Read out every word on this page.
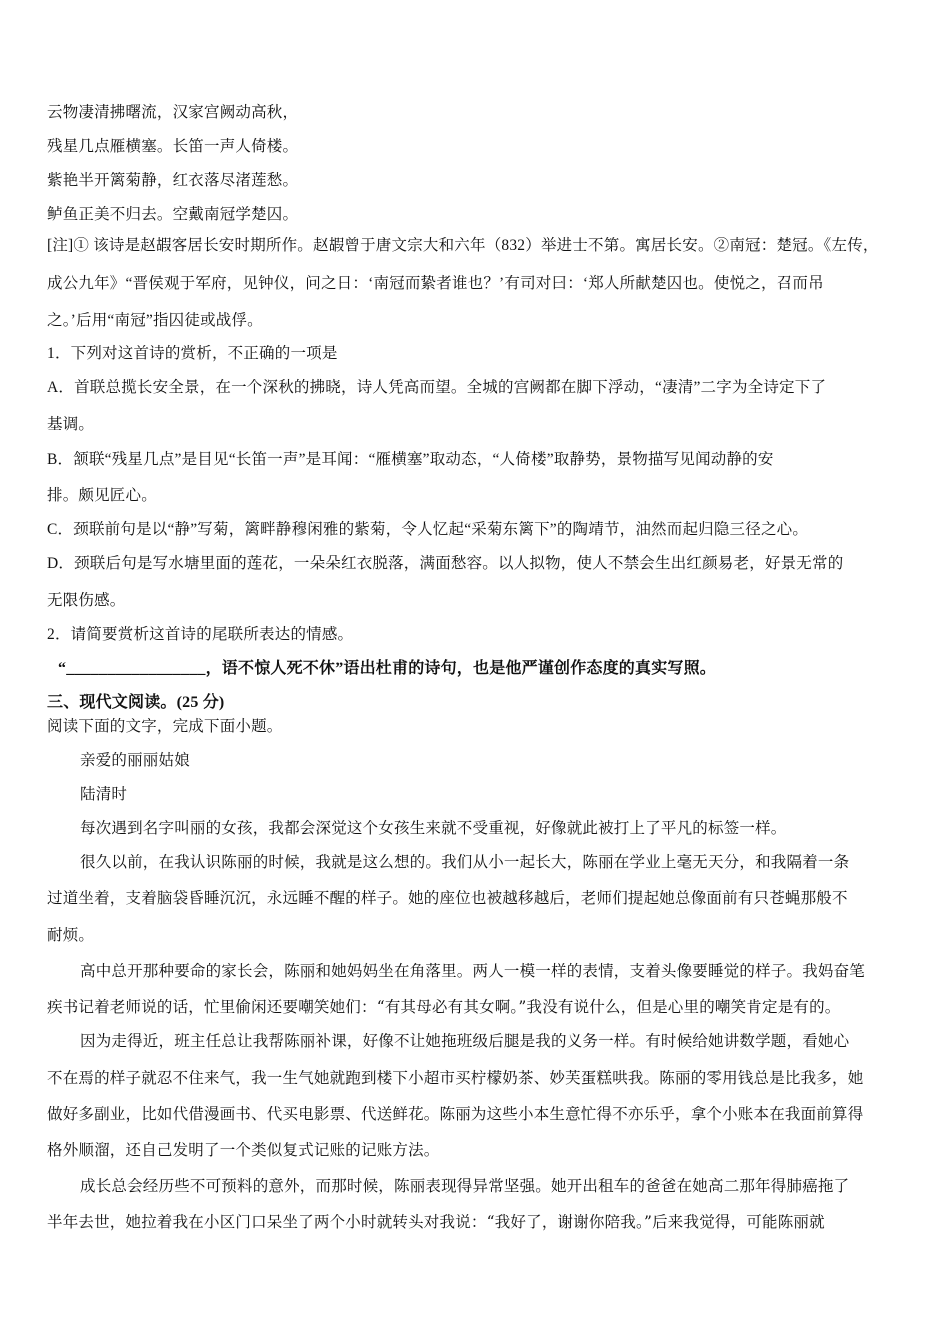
云物凄清拂曙流，汉家宫阙动高秋，
残星几点雁横塞。长笛一声人倚楼。
紫艳半开篱菊静，红衣落尽渚莲愁。
鲈鱼正美不归去。空戴南冠学楚囚。
[注]① 该诗是赵嘏客居长安时期所作。赵嘏曾于唐文宗大和六年（832）举进士不第。寓居长安。②南冠：楚冠。《左传，
成公九年》“晋侯观于军府，见钟仪，问之日：‘南冠而絷者谁也？’有司对曰：‘郑人所献楚囚也。使悦之，召而吊
之。’后用“南冠”指囚徒或战俘。
1．下列对这首诗的赏析，不正确的一项是
A．首联总揽长安全景，在一个深秋的拂晓，诗人凭高而望。全城的宫阙都在脚下浮动，“凄清”二字为全诗定下了
基调。
B．颔联“残星几点”是目见“长笛一声”是耳闻：“雁横塞”取动态，“人倚楼”取静势，景物描写见闻动静的安
排。颇见匠心。
C．颈联前句是以“静”写菊，篱畔静穆闲雅的紫菊，令人忆起“采菊东篱下”的陶靖节，油然而起归隐三径之心。
D．颈联后句是写水塘里面的莲花，一朵朵红衣脱落，满面愁容。以人拟物，使人不禁会生出红颜易老，好景无常的
无限伤感。
2．请简要赏析这首诗的尾联所表达的情感。
“_________________，语不惊人死不休”语出杜甫的诗句，也是他严谨创作态度的真实写照。
三、现代文阅读。(25 分)
阅读下面的文字，完成下面小题。
亲爱的丽丽姑娘
陆清时
每次遇到名字叫丽的女孩，我都会深觉这个女孩生来就不受重视，好像就此被打上了平凡的标签一样。
很久以前，在我认识陈丽的时候，我就是这么想的。我们从小一起长大，陈丽在学业上毫无天分，和我隔着一条
过道坐着，支着脑袋昏睡沉沉，永远睡不醒的样子。她的座位也被越移越后，老师们提起她总像面前有只苍蝇那般不
耐烦。
高中总开那种要命的家长会，陈丽和她妈妈坐在角落里。两人一模一样的表情，支着头像要睡觉的样子。我妈奋笔
疾书记着老师说的话，忙里偷闲还要嘲笑她们：“有其母必有其女啊。”我没有说什么，但是心里的嘲笑肯定是有的。
因为走得近，班主任总让我帮陈丽补课，好像不让她拖班级后腿是我的义务一样。有时候给她讲数学题，看她心
不在焉的样子就忍不住来气，我一生气她就跑到楼下小超市买柠檬奶茶、妙芙蛋糕哄我。陈丽的零用钱总是比我多，她
做好多副业，比如代借漫画书、代买电影票、代送鲜花。陈丽为这些小本生意忙得不亦乐乎，拿个小账本在我面前算得
格外顺溜，还自己发明了一个类似复式记账的记账方法。
成长总会经历些不可预料的意外，而那时候，陈丽表现得异常坚强。她开出租车的爸爸在她高二那年得肺癌拖了
半年去世，她拉着我在小区门口呆坐了两个小时就转头对我说：“我好了，谢谢你陪我。”后来我觉得，可能陈丽就
